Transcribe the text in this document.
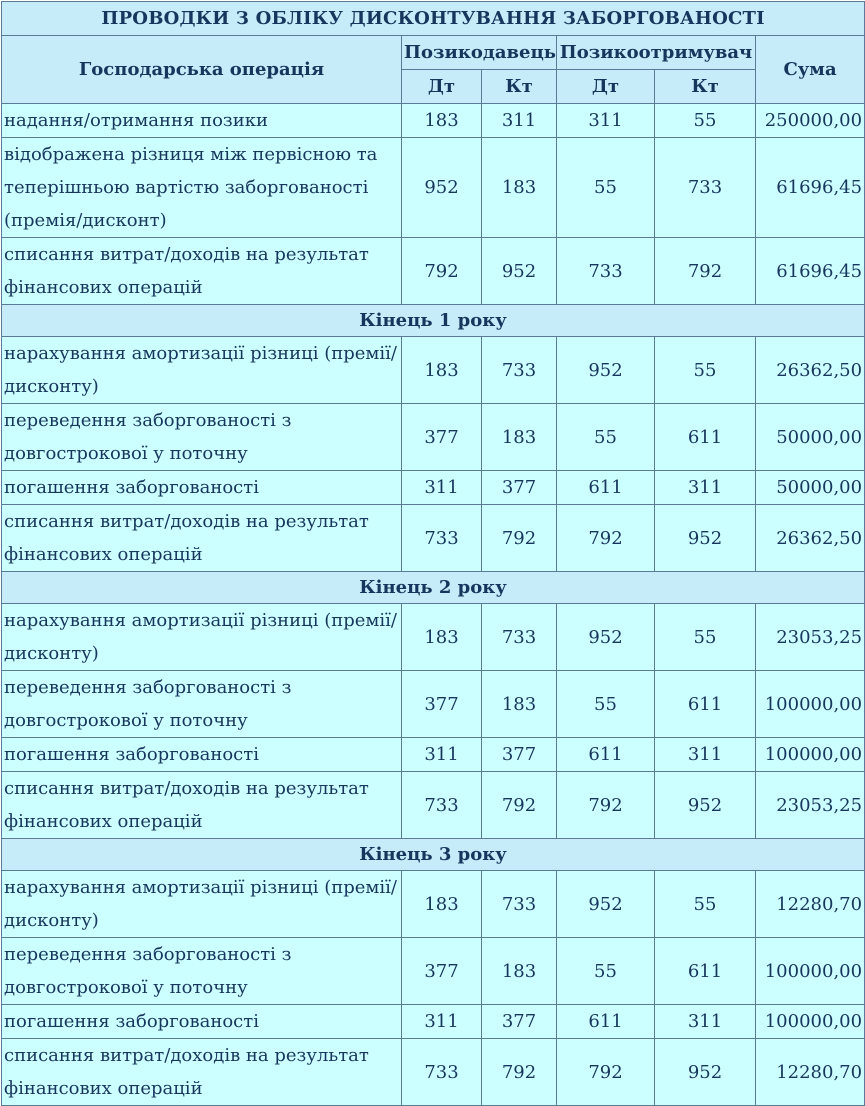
ПРОВОДКИ З ОБЛІКУ ДИСКОНТУВАННЯ ЗАБОРГОВАНОСТІ					
Господарська операція	Позикодавець		Позикоотримувач		Сума
	Дт	Кт	Дт	Кт	
надання/отримання позики	183	311	311	55	250000,00
відображена різниця між первісною та теперішньою вартістю заборгованості (премія/дисконт)	952	183	55	733	61696,45
списання витрат/доходів на результат фінансових операцій	792	952	733	792	61696,45
Кінець 1 року					
нарахування амортизації різниці (премії/дисконту)	183	733	952	55	26362,50
переведення заборгованості з довгострокової у поточну	377	183	55	611	50000,00
погашення заборгованості	311	377	611	311	50000,00
списання витрат/доходів на результат фінансових операцій	733	792	792	952	26362,50
Кінець 2 року					
нарахування амортизації різниці (премії/дисконту)	183	733	952	55	23053,25
переведення заборгованості з довгострокової у поточну	377	183	55	611	100000,00
погашення заборгованості	311	377	611	311	100000,00
списання витрат/доходів на результат фінансових операцій	733	792	792	952	23053,25
Кінець 3 року					
нарахування амортизації різниці (премії/дисконту)	183	733	952	55	12280,70
переведення заборгованості з довгострокової у поточну	377	183	55	611	100000,00
погашення заборгованості	311	377	611	311	100000,00
списання витрат/доходів на результат фінансових операцій	733	792	792	952	12280,70
